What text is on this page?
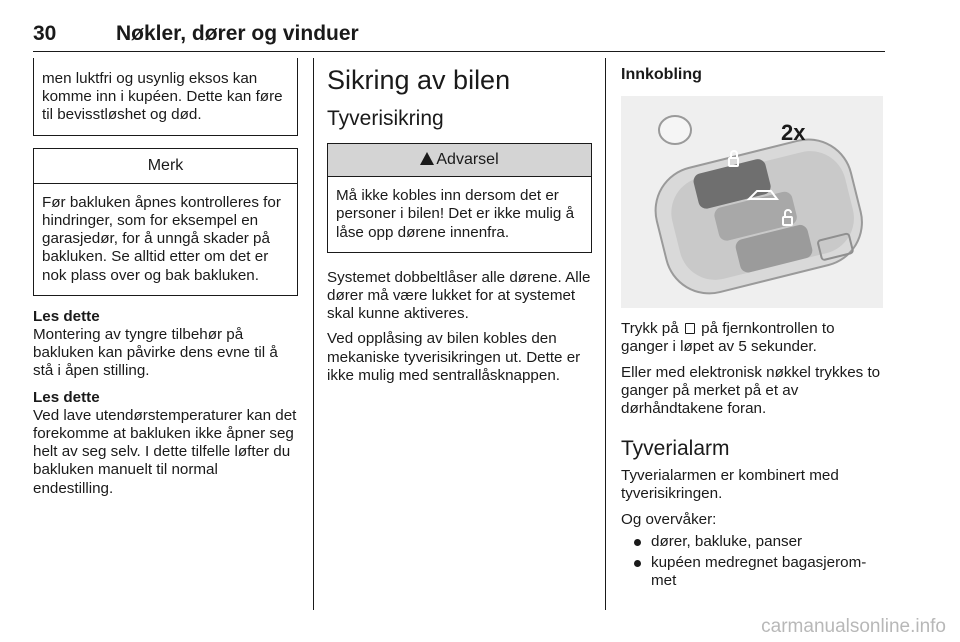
30	Nøkler, dører og vinduer

men luktfri og usynlig eksos kan komme inn i kupéen. Dette kan føre til bevisstløshet og død.

Merk

Før bakluken åpnes kontrolleres for hindringer, som for eksempel en garasjedør, for å unngå skader på bakluken. Se alltid etter om det er nok plass over og bak bakluken.

Les dette

Montering av tyngre tilbehør på bakluken kan påvirke dens evne til å stå i åpen stilling.

Les dette

Ved lave utendørstemperaturer kan det forekomme at bakluken ikke åpner seg helt av seg selv. I dette tilfelle løfter du bakluken manuelt til normal endestilling.

Sikring av bilen
Tyverisikring
Advarsel

Må ikke kobles inn dersom det er personer i bilen! Det er ikke mulig å låse opp dørene innenfra.

Systemet dobbeltlåser alle dørene. Alle dører må være lukket for at systemet skal kunne aktiveres.

Ved opplåsing av bilen kobles den mekaniske tyverisikringen ut. Dette er ikke mulig med sentrallåsknappen.

Innkobling

2x

Trykk på på fjernkontrollen to ganger i løpet av 5 sekunder.

Eller med elektronisk nøkkel trykkes to ganger på merket på et av dørhåndtakene foran.

Tyverialarm

Tyverialarmen er kombinert med tyverisikringen.

Og overvåker:

dører, bakluke, panser
kupéen medregnet bagasjerom-met
carmanualsonline.info
